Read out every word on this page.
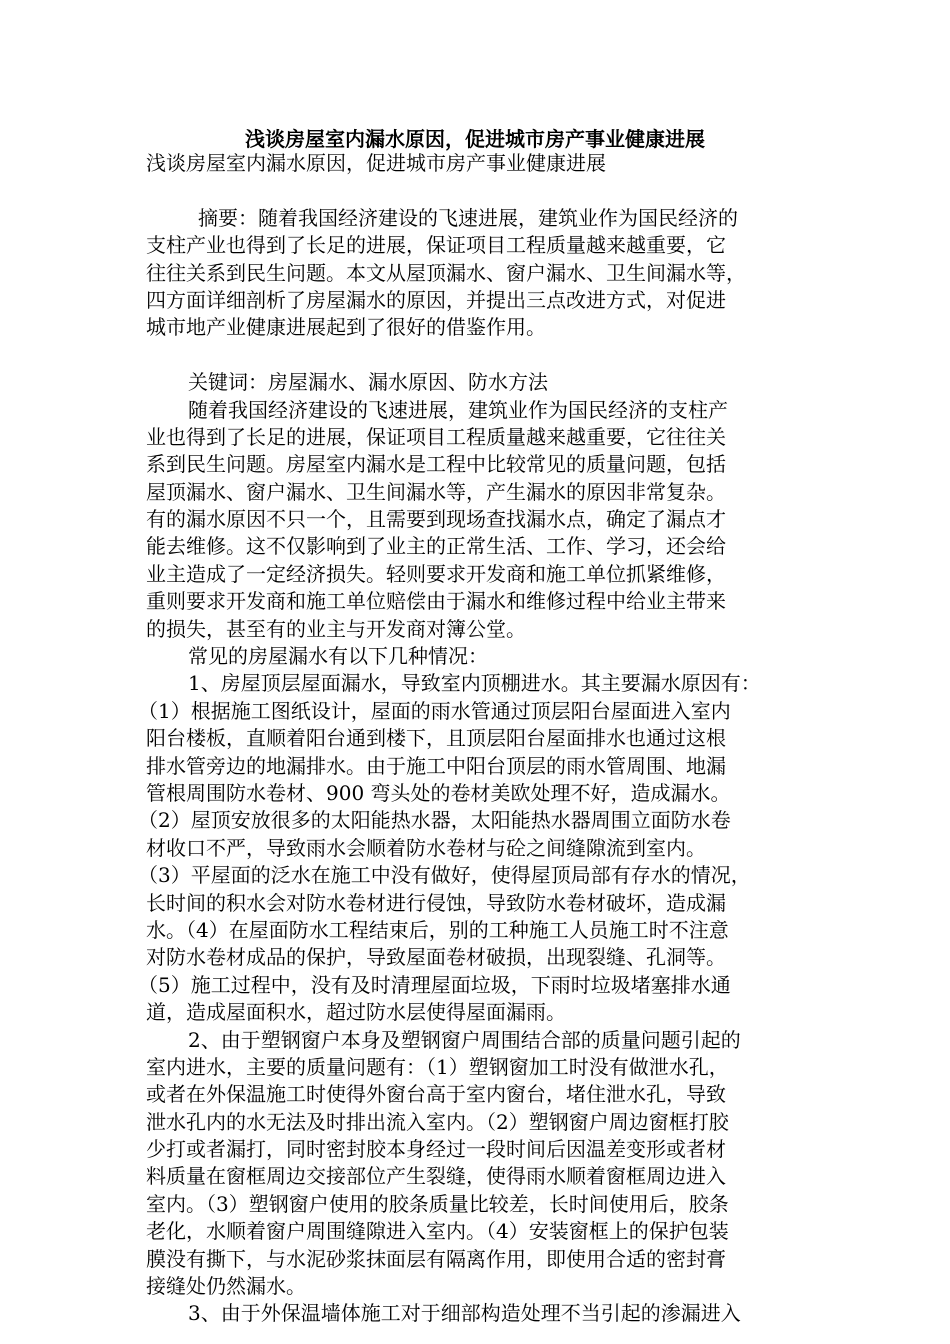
浅谈房屋室内漏水原因，促进城市房产事业健康进展
浅谈房屋室内漏水原因，促进城市房产事业健康进展
摘要：随着我国经济建设的飞速进展，建筑业作为国民经济的
支柱产业也得到了长足的进展，保证项目工程质量越来越重要，它
往往关系到民生问题。本文从屋顶漏水、窗户漏水、卫生间漏水等，
四方面详细剖析了房屋漏水的原因，并提出三点改进方式，对促进
城市地产业健康进展起到了很好的借鉴作用。
关键词：房屋漏水、漏水原因、防水方法
随着我国经济建设的飞速进展，建筑业作为国民经济的支柱产
业也得到了长足的进展，保证项目工程质量越来越重要，它往往关
系到民生问题。房屋室内漏水是工程中比较常见的质量问题，包括
屋顶漏水、窗户漏水、卫生间漏水等，产生漏水的原因非常复杂。
有的漏水原因不只一个，且需要到现场查找漏水点，确定了漏点才
能去维修。这不仅影响到了业主的正常生活、工作、学习，还会给
业主造成了一定经济损失。轻则要求开发商和施工单位抓紧维修，
重则要求开发商和施工单位赔偿由于漏水和维修过程中给业主带来
的损失，甚至有的业主与开发商对簿公堂。
常见的房屋漏水有以下几种情况：
1、房屋顶层屋面漏水，导致室内顶棚进水。其主要漏水原因有：
（1）根据施工图纸设计，屋面的雨水管通过顶层阳台屋面进入室内
阳台楼板，直顺着阳台通到楼下，且顶层阳台屋面排水也通过这根
排水管旁边的地漏排水。由于施工中阳台顶层的雨水管周围、地漏
管根周围防水卷材、900 弯头处的卷材美欧处理不好，造成漏水。
（2）屋顶安放很多的太阳能热水器，太阳能热水器周围立面防水卷
材收口不严，导致雨水会顺着防水卷材与砼之间缝隙流到室内。
（3）平屋面的泛水在施工中没有做好，使得屋顶局部有存水的情况，
长时间的积水会对防水卷材进行侵蚀，导致防水卷材破坏，造成漏
水。（4）在屋面防水工程结束后，别的工种施工人员施工时不注意
对防水卷材成品的保护，导致屋面卷材破损，出现裂缝、孔洞等。
（5）施工过程中，没有及时清理屋面垃圾，下雨时垃圾堵塞排水通
道，造成屋面积水，超过防水层使得屋面漏雨。
2、由于塑钢窗户本身及塑钢窗户周围结合部的质量问题引起的
室内进水，主要的质量问题有：（1）塑钢窗加工时没有做泄水孔，
或者在外保温施工时使得外窗台高于室内窗台，堵住泄水孔，导致
泄水孔内的水无法及时排出流入室内。（2）塑钢窗户周边窗框打胶
少打或者漏打，同时密封胶本身经过一段时间后因温差变形或者材
料质量在窗框周边交接部位产生裂缝，使得雨水顺着窗框周边进入
室内。（3）塑钢窗户使用的胶条质量比较差，长时间使用后，胶条
老化，水顺着窗户周围缝隙进入室内。（4）安装窗框上的保护包装
膜没有撕下，与水泥砂浆抹面层有隔离作用，即使用合适的密封膏
接缝处仍然漏水。
3、由于外保温墙体施工对于细部构造处理不当引起的渗漏进入
